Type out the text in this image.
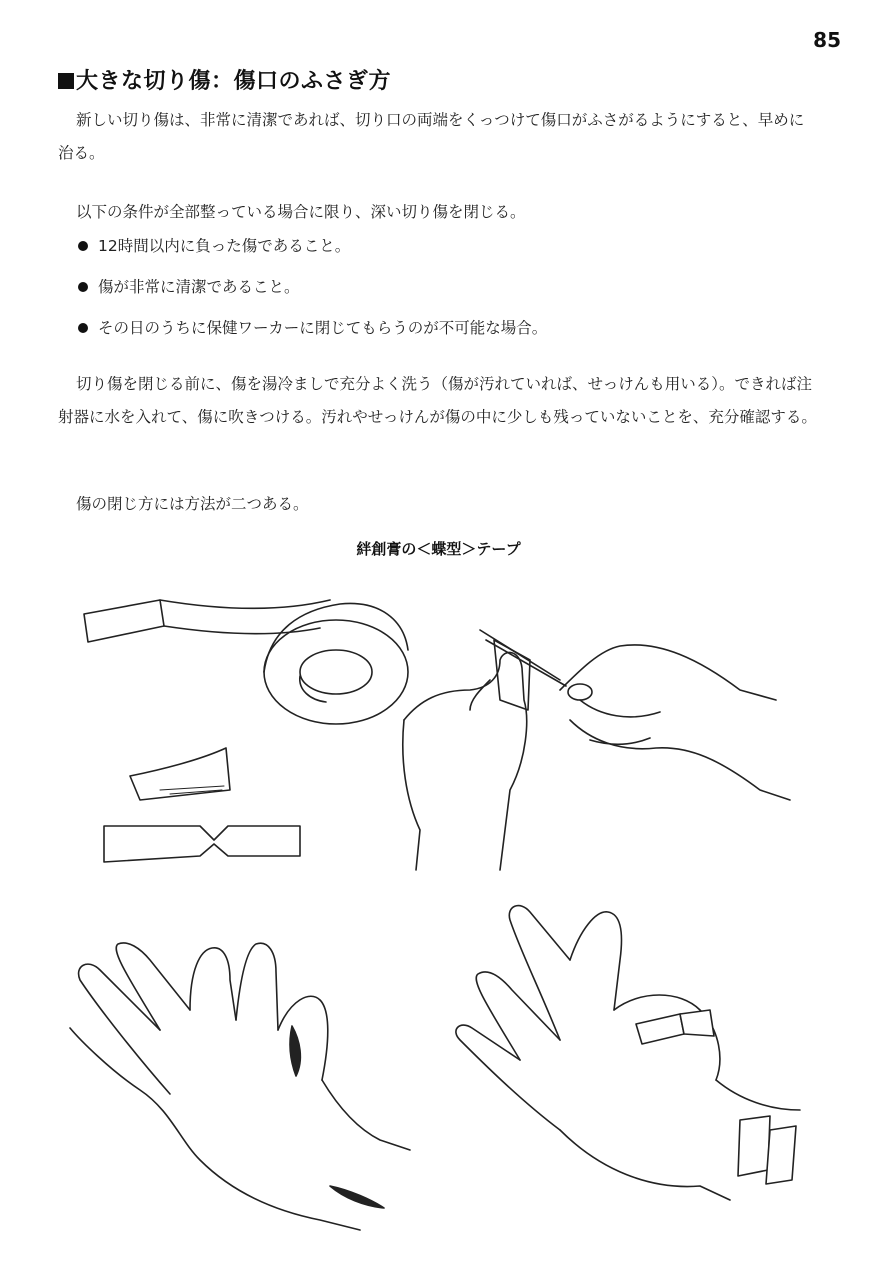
85
大きな切り傷：傷口のふさぎ方
新しい切り傷は、非常に清潔であれば、切り口の両端をくっつけて傷口がふさがるようにすると、早めに治る。
以下の条件が全部整っている場合に限り、深い切り傷を閉じる。
12時間以内に負った傷であること。
傷が非常に清潔であること。
その日のうちに保健ワーカーに閉じてもらうのが不可能な場合。
切り傷を閉じる前に、傷を湯冷ましで充分よく洗う（傷が汚れていれば、せっけんも用いる）。できれば注射器に水を入れて、傷に吹きつける。汚れやせっけんが傷の中に少しも残っていないことを、充分確認する。
傷の閉じ方には方法が二つある。
絆創膏の＜蝶型＞テープ
